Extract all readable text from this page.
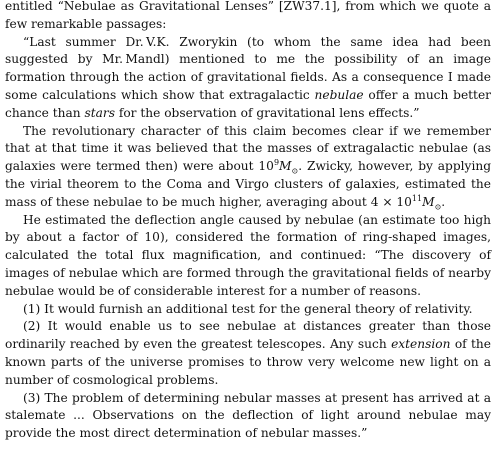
entitled “Nebulae as Gravitational Lenses” [ZW37.1], from which we quote a few remarkable passages:

“Last summer Dr. V.K. Zworykin (to whom the same idea had been suggested by Mr. Mandl) mentioned to me the possibility of an image formation through the action of gravitational fields. As a consequence I made some calculations which show that extragalactic nebulae offer a much better chance than stars for the observation of gravitational lens effects.”

The revolutionary character of this claim becomes clear if we remember that at that time it was believed that the masses of extragalactic nebulae (as galaxies were termed then) were about $10^9M_⊙$. Zwicky, however, by applying the virial theorem to the Coma and Virgo clusters of galaxies, estimated the mass of these nebulae to be much higher, averaging about $4 \times 10^{11}M_⊙$.

He estimated the deflection angle caused by nebulae (an estimate too high by about a factor of 10), considered the formation of ring-shaped images, calculated the total flux magnification, and continued: “The discovery of images of nebulae which are formed through the gravitational fields of nearby nebulae would be of considerable interest for a number of reasons.

(1) It would furnish an additional test for the general theory of relativity.

(2) It would enable us to see nebulae at distances greater than those ordinarily reached by even the greatest telescopes. Any such extension of the known parts of the universe promises to throw very welcome new light on a number of cosmological problems.

(3) The problem of determining nebular masses at present has arrived at a stalemate ... Observations on the deflection of light around nebulae may provide the most direct determination of nebular masses.”
